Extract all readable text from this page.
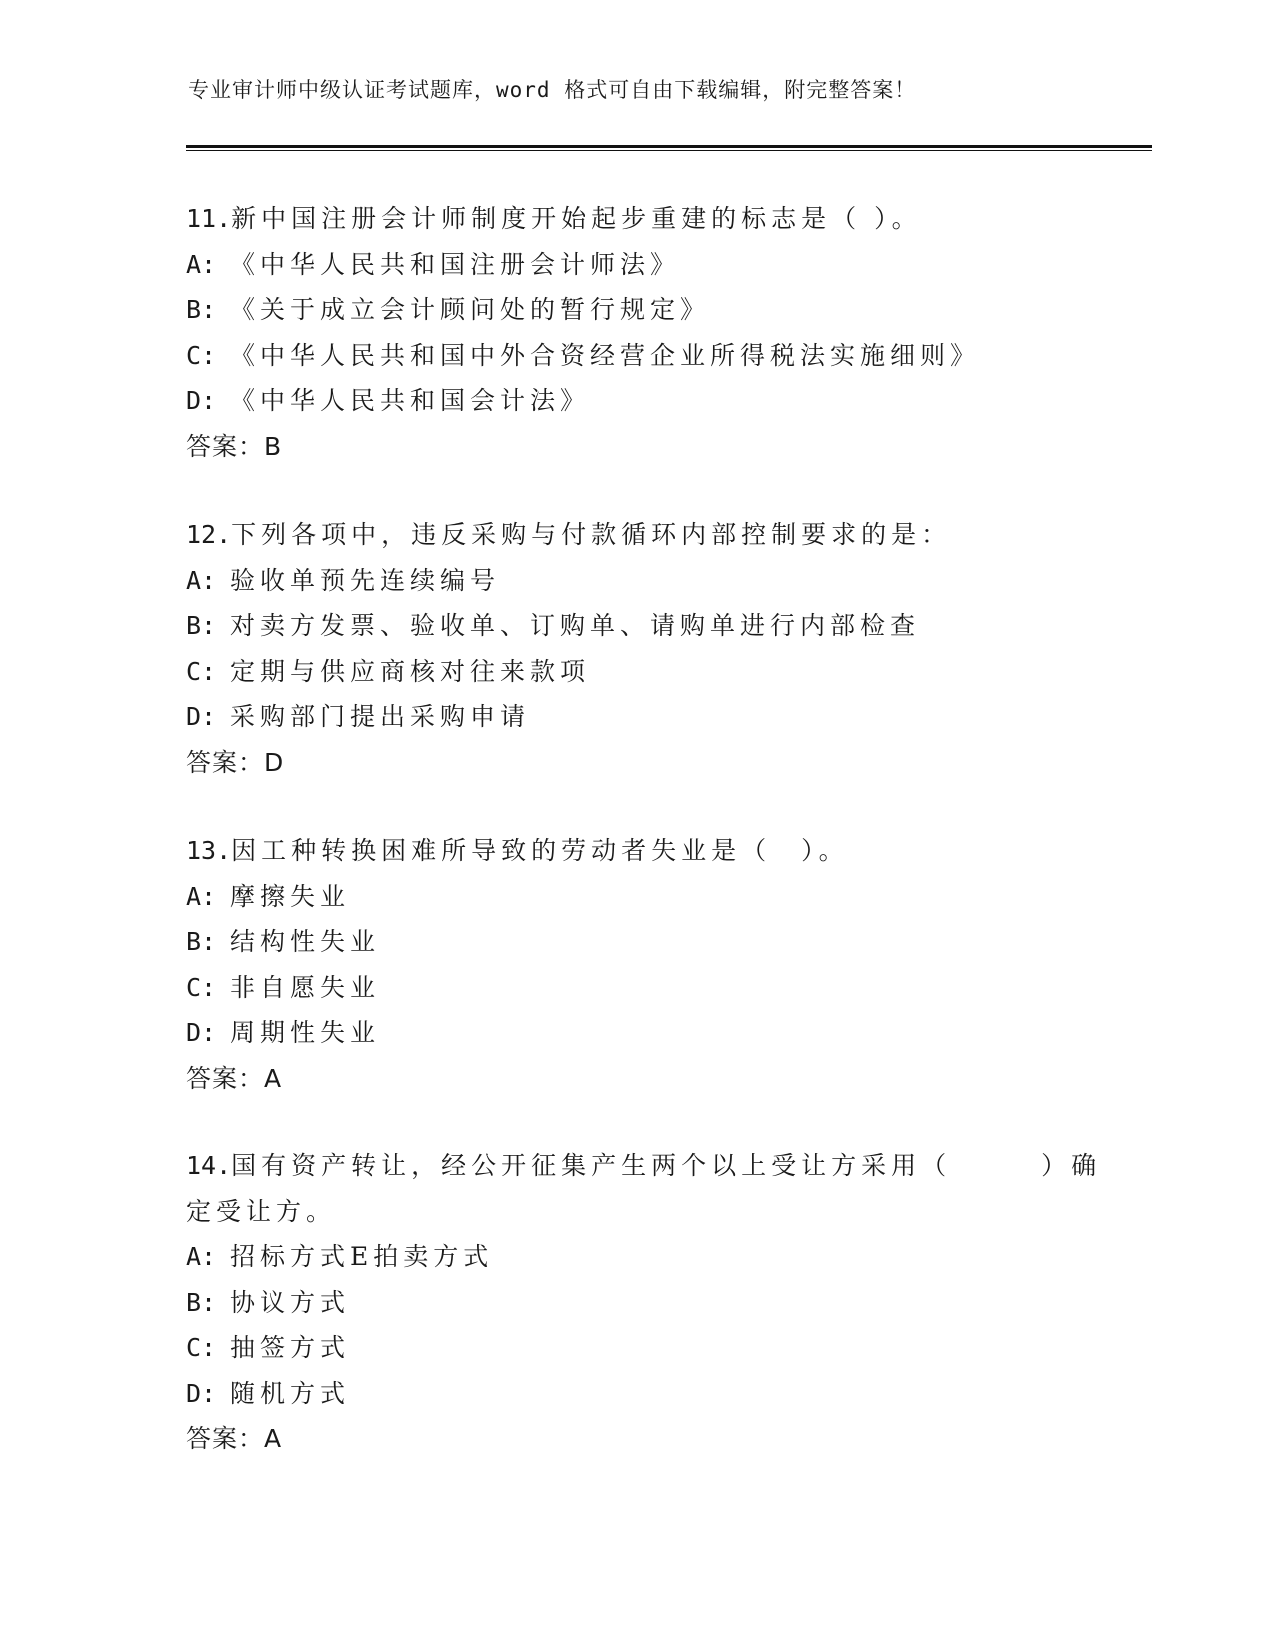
专业审计师中级认证考试题库，word 格式可自由下载编辑，附完整答案！
11.新中国注册会计师制度开始起步重建的标志是（ ）。
A: 《中华人民共和国注册会计师法》
B: 《关于成立会计顾问处的暂行规定》
C: 《中华人民共和国中外合资经营企业所得税法实施细则》
D: 《中华人民共和国会计法》
答案：B
12.下列各项中，违反采购与付款循环内部控制要求的是：
A: 验收单预先连续编号
B: 对卖方发票、验收单、订购单、请购单进行内部检查
C: 定期与供应商核对往来款项
D: 采购部门提出采购申请
答案：D
13.因工种转换困难所导致的劳动者失业是（　）。
A: 摩擦失业
B: 结构性失业
C: 非自愿失业
D: 周期性失业
答案：A
14.国有资产转让，经公开征集产生两个以上受让方采用（　　　）确
定受让方。
A: 招标方式E拍卖方式
B: 协议方式
C: 抽签方式
D: 随机方式
答案：A
